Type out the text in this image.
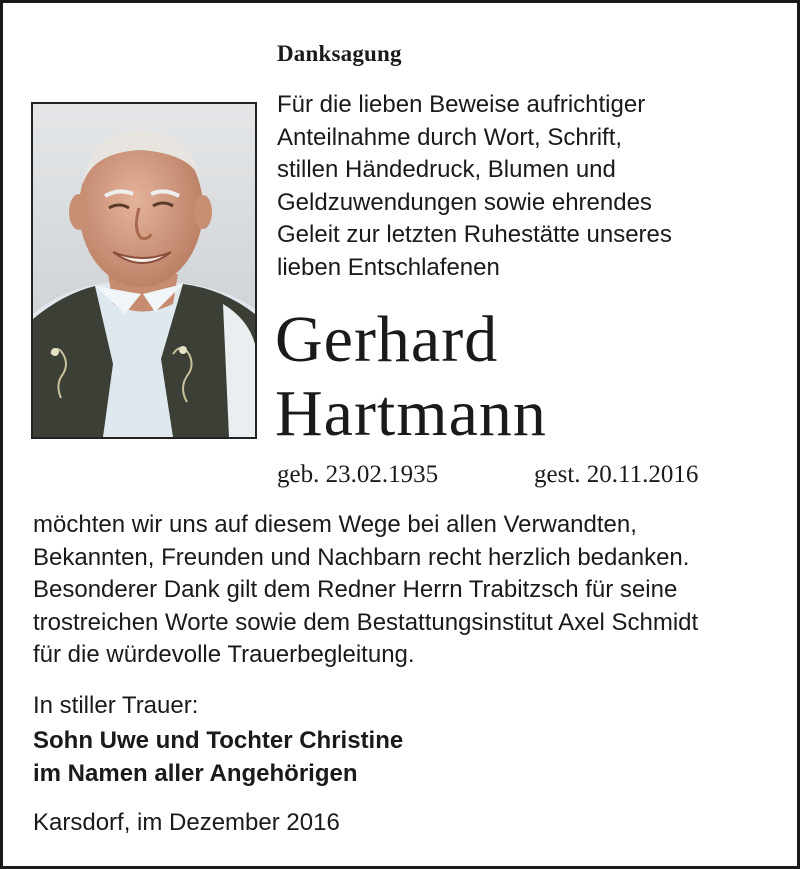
Danksagung
Für die lieben Beweise aufrichtiger
Anteilnahme durch Wort, Schrift,
stillen Händedruck, Blumen und
Geldzuwendungen sowie ehrendes
Geleit zur letzten Ruhestätte unseres
lieben Entschlafenen
Gerhard
Hartmann
geb. 23.02.1935	gest. 20.11.2016
möchten wir uns auf diesem Wege bei allen Verwandten,
Bekannten, Freunden und Nachbarn recht herzlich bedanken.
Besonderer Dank gilt dem Redner Herrn Trabitzsch für seine
trostreichen Worte sowie dem Bestattungsinstitut Axel Schmidt
für die würdevolle Trauerbegleitung.
In stiller Trauer:
Sohn Uwe und Tochter Christine
im Namen aller Angehörigen
Karsdorf, im Dezember 2016
